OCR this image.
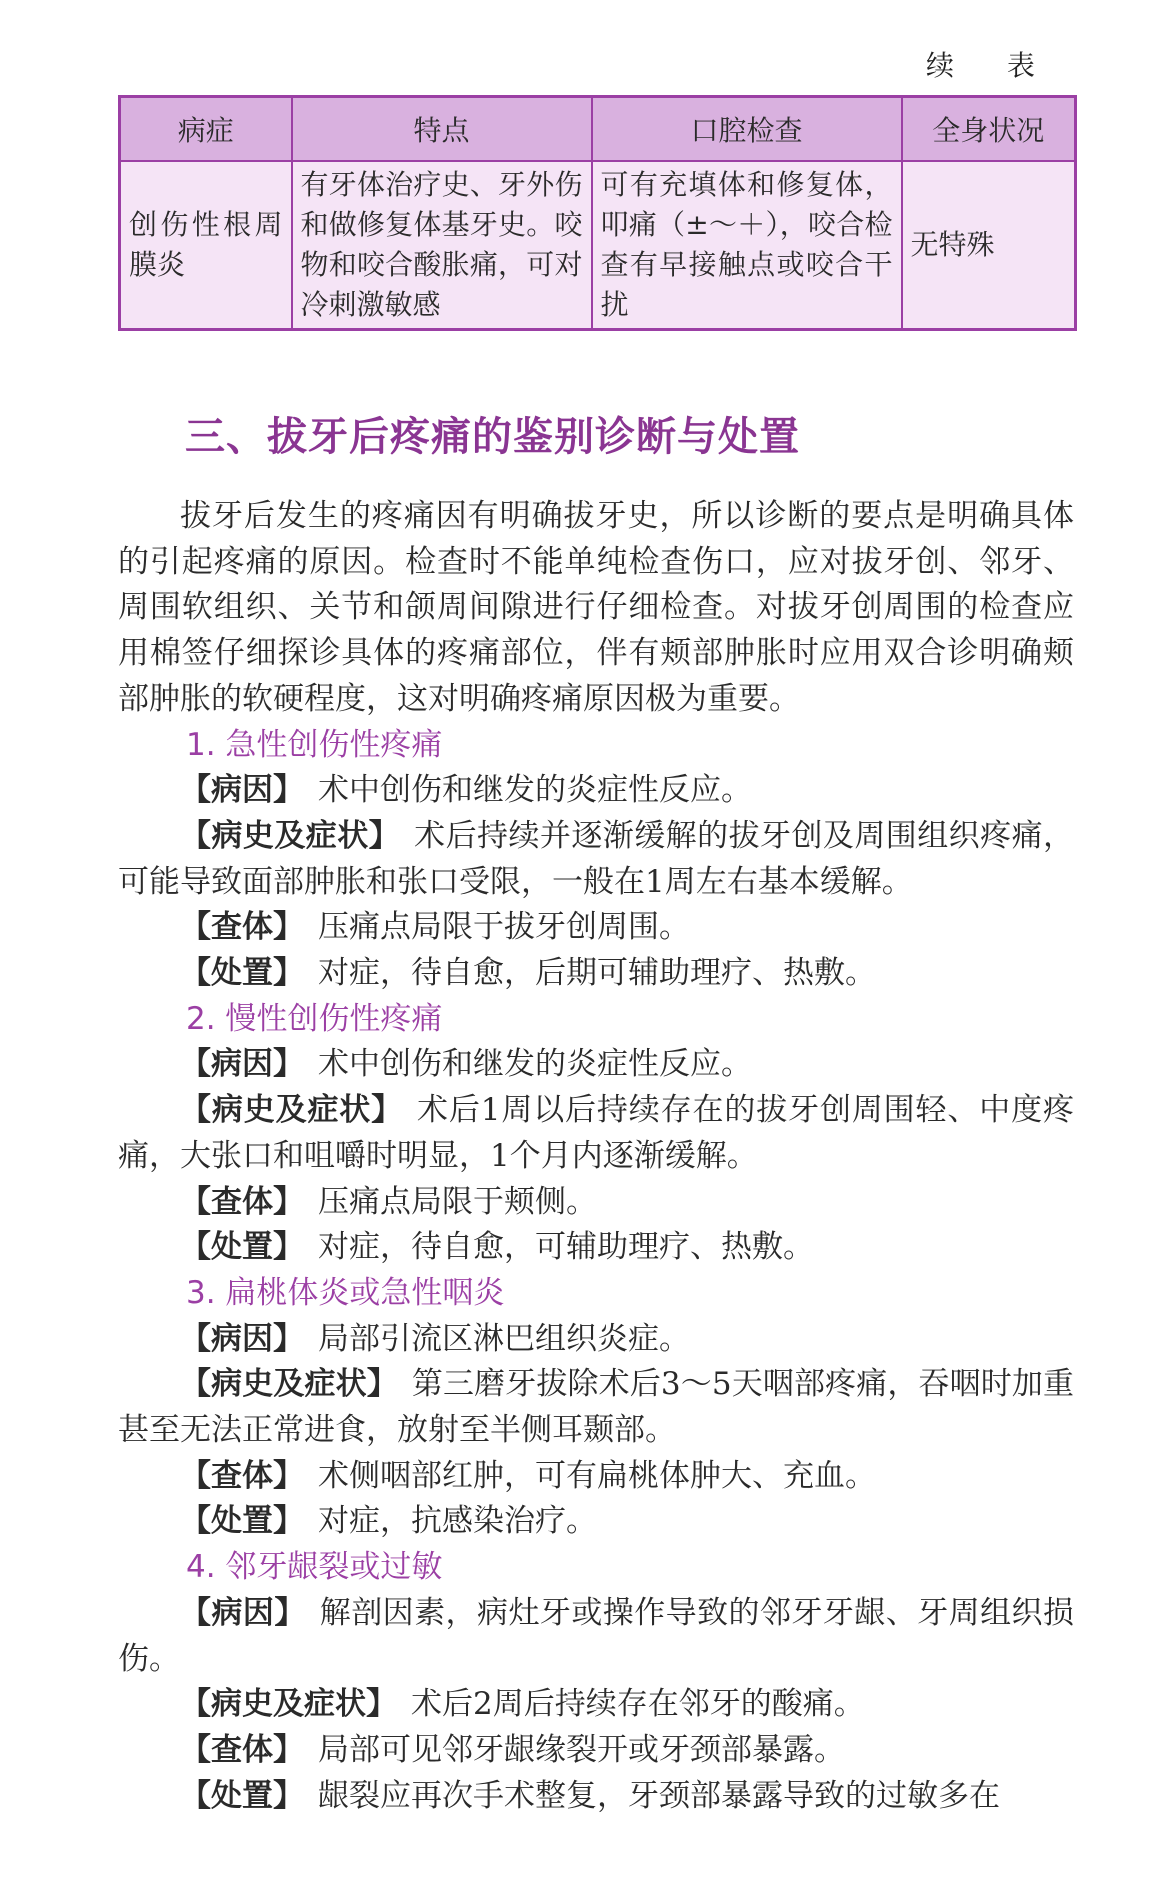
续 表
病症	特点	口腔检查	全身状况
创伤性根周膜炎	有牙体治疗史、牙外伤和做修复体基牙史。咬物和咬合酸胀痛，可对冷刺激敏感	可有充填体和修复体，叩痛（±～＋），咬合检查有早接触点或咬合干扰	无特殊
三、拔牙后疼痛的鉴别诊断与处置
拔牙后发生的疼痛因有明确拔牙史，所以诊断的要点是明确具体的引起疼痛的原因。检查时不能单纯检查伤口，应对拔牙创、邻牙、周围软组织、关节和颌周间隙进行仔细检查。对拔牙创周围的检查应用棉签仔细探诊具体的疼痛部位，伴有颊部肿胀时应用双合诊明确颊部肿胀的软硬程度，这对明确疼痛原因极为重要。
1. 急性创伤性疼痛
【病因】 术中创伤和继发的炎症性反应。
【病史及症状】 术后持续并逐渐缓解的拔牙创及周围组织疼痛，可能导致面部肿胀和张口受限，一般在1周左右基本缓解。
【查体】 压痛点局限于拔牙创周围。
【处置】 对症，待自愈，后期可辅助理疗、热敷。
2. 慢性创伤性疼痛
【病因】 术中创伤和继发的炎症性反应。
【病史及症状】 术后1周以后持续存在的拔牙创周围轻、中度疼痛，大张口和咀嚼时明显，1个月内逐渐缓解。
【查体】 压痛点局限于颊侧。
【处置】 对症，待自愈，可辅助理疗、热敷。
3. 扁桃体炎或急性咽炎
【病因】 局部引流区淋巴组织炎症。
【病史及症状】 第三磨牙拔除术后3～5天咽部疼痛，吞咽时加重甚至无法正常进食，放射至半侧耳颞部。
【查体】 术侧咽部红肿，可有扁桃体肿大、充血。
【处置】 对症，抗感染治疗。
4. 邻牙龈裂或过敏
【病因】 解剖因素，病灶牙或操作导致的邻牙牙龈、牙周组织损伤。
【病史及症状】 术后2周后持续存在邻牙的酸痛。
【查体】 局部可见邻牙龈缘裂开或牙颈部暴露。
【处置】 龈裂应再次手术整复，牙颈部暴露导致的过敏多在
